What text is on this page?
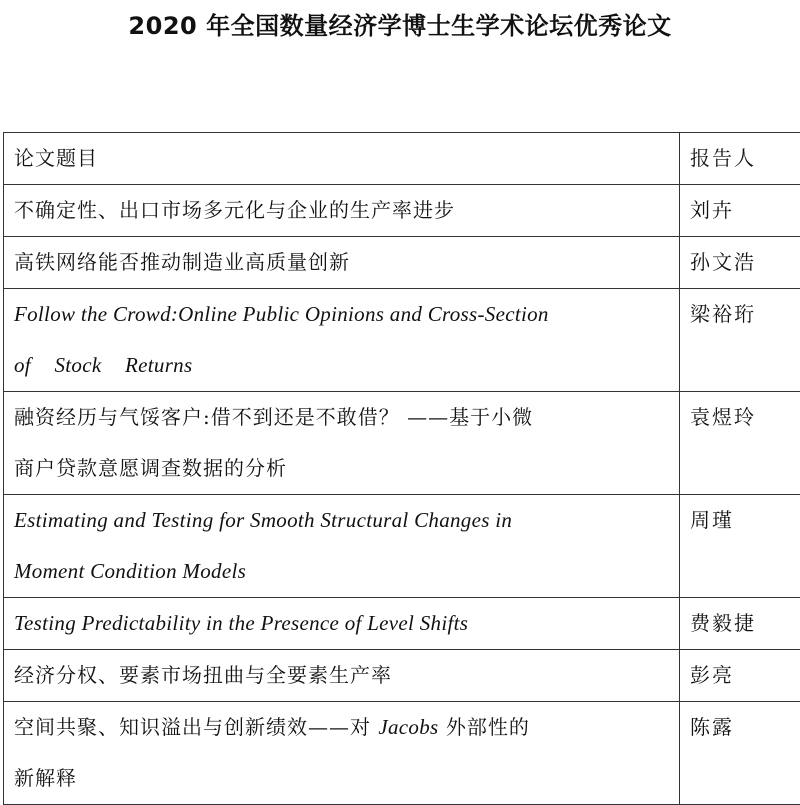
2020 年全国数量经济学博士生学术论坛优秀论文
论文题目	报告人
不确定性、出口市场多元化与企业的生产率进步	刘卉
高铁网络能否推动制造业高质量创新	孙文浩
Follow the Crowd:Online Public Opinions and Cross-Section
of Stock Returns	梁裕珩
融资经历与气馁客户:借不到还是不敢借？ ——基于小微
商户贷款意愿调查数据的分析	袁煜玲
Estimating and Testing for Smooth Structural Changes in
Moment Condition Models	周瑾
Testing Predictability in the Presence of Level Shifts	费毅捷
经济分权、要素市场扭曲与全要素生产率	彭亮
空间共聚、知识溢出与创新绩效——对 Jacobs 外部性的
新解释	陈露
